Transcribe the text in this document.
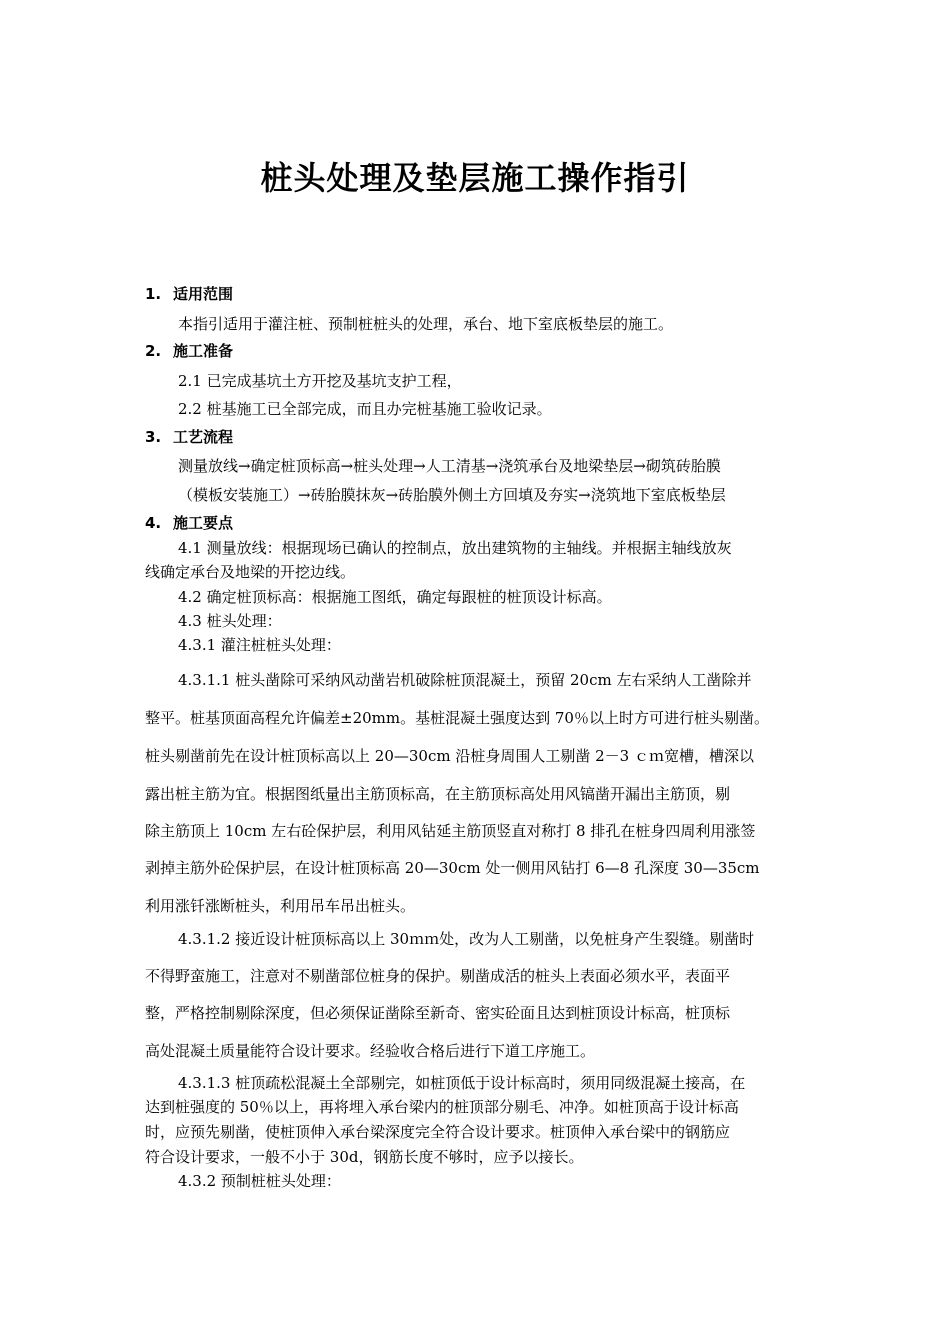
桩头处理及垫层施工操作指引
1. 适用范围
本指引适用于灌注桩、预制桩桩头的处理，承台、地下室底板垫层的施工。
2. 施工准备
2.1 已完成基坑土方开挖及基坑支护工程，
2.2 桩基施工已全部完成，而且办完桩基施工验收记录。
3. 工艺流程
测量放线→确定桩顶标高→桩头处理→人工清基→浇筑承台及地梁垫层→砌筑砖胎膜
（模板安装施工）→砖胎膜抹灰→砖胎膜外侧土方回填及夯实→浇筑地下室底板垫层
4. 施工要点
4.1 测量放线：根据现场已确认的控制点，放出建筑物的主轴线。并根据主轴线放灰
线确定承台及地梁的开挖边线。
4.2 确定桩顶标高：根据施工图纸，确定每跟桩的桩顶设计标高。
4.3 桩头处理：
4.3.1 灌注桩桩头处理：
4.3.1.1 桩头凿除可采纳风动凿岩机破除桩顶混凝土，预留 20cm 左右采纳人工凿除并
整平。桩基顶面高程允许偏差±20mm。基桩混凝土强度达到 70％以上时方可进行桩头剔凿。
桩头剔凿前先在设计桩顶标高以上 20—30cm 沿桩身周围人工剔凿 2－3 ｃｍ宽槽，槽深以
露出桩主筋为宜。根据图纸量出主筋顶标高，在主筋顶标高处用风镐凿开漏出主筋顶，剔
除主筋顶上 10cm 左右砼保护层，利用风钻延主筋顶竖直对称打 8 排孔在桩身四周利用涨签
剥掉主筋外砼保护层，在设计桩顶标高 20—30cm 处一侧用风钻打 6—8 孔深度 30—35cm
利用涨钎涨断桩头，利用吊车吊出桩头。
4.3.1.2 接近设计桩顶标高以上 30ｍｍ处，改为人工剔凿，以免桩身产生裂缝。剔凿时
不得野蛮施工，注意对不剔凿部位桩身的保护。剔凿成活的桩头上表面必须水平，表面平
整，严格控制剔除深度，但必须保证凿除至新奇、密实砼面且达到桩顶设计标高，桩顶标
高处混凝土质量能符合设计要求。经验收合格后进行下道工序施工。
4.3.1.3 桩顶疏松混凝土全部剔完，如桩顶低于设计标高时，须用同级混凝土接高，在
达到桩强度的 50％以上，再将埋入承台梁内的桩顶部分剔毛、冲净。如桩顶高于设计标高
时，应预先剔凿，使桩顶伸入承台梁深度完全符合设计要求。桩顶伸入承台梁中的钢筋应
符合设计要求，一般不小于 30d，钢筋长度不够时，应予以接长。
4.3.2 预制桩桩头处理：
